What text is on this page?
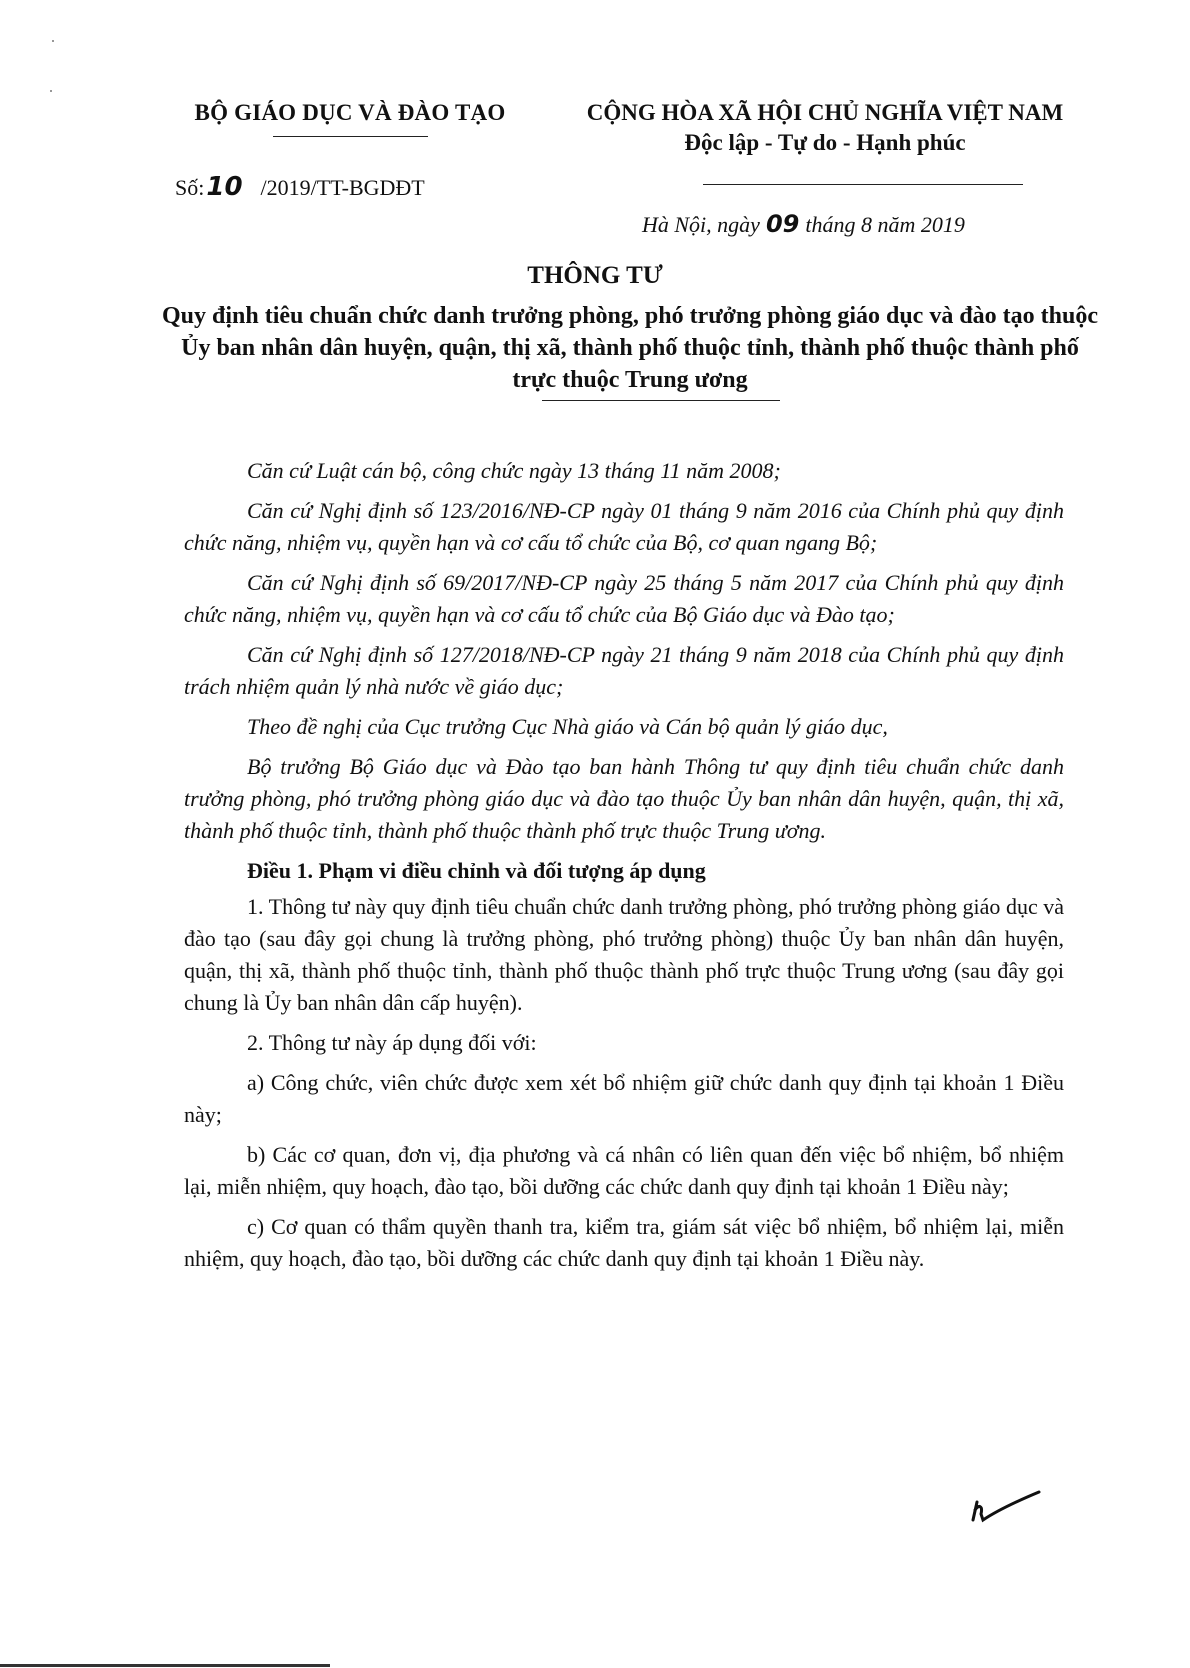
BỘ GIÁO DỤC VÀ ĐÀO TẠO
Số:10 /2019/TT-BGDĐT
CỘNG HÒA XÃ HỘI CHỦ NGHĨA VIỆT NAM
Độc lập - Tự do - Hạnh phúc
Hà Nội, ngày 09 tháng 8 năm 2019
THÔNG TƯ
Quy định tiêu chuẩn chức danh trưởng phòng, phó trưởng phòng giáo dục và đào tạo thuộc Ủy ban nhân dân huyện, quận, thị xã, thành phố thuộc tỉnh, thành phố thuộc thành phố trực thuộc Trung ương

Căn cứ Luật cán bộ, công chức ngày 13 tháng 11 năm 2008;

Căn cứ Nghị định số 123/2016/NĐ-CP ngày 01 tháng 9 năm 2016 của Chính phủ quy định chức năng, nhiệm vụ, quyền hạn và cơ cấu tổ chức của Bộ, cơ quan ngang Bộ;

Căn cứ Nghị định số 69/2017/NĐ-CP ngày 25 tháng 5 năm 2017 của Chính phủ quy định chức năng, nhiệm vụ, quyền hạn và cơ cấu tổ chức của Bộ Giáo dục và Đào tạo;

Căn cứ Nghị định số 127/2018/NĐ-CP ngày 21 tháng 9 năm 2018 của Chính phủ quy định trách nhiệm quản lý nhà nước về giáo dục;

Theo đề nghị của Cục trưởng Cục Nhà giáo và Cán bộ quản lý giáo dục,

Bộ trưởng Bộ Giáo dục và Đào tạo ban hành Thông tư quy định tiêu chuẩn chức danh trưởng phòng, phó trưởng phòng giáo dục và đào tạo thuộc Ủy ban nhân dân huyện, quận, thị xã, thành phố thuộc tỉnh, thành phố thuộc thành phố trực thuộc Trung ương.

Điều 1. Phạm vi điều chỉnh và đối tượng áp dụng

1. Thông tư này quy định tiêu chuẩn chức danh trưởng phòng, phó trưởng phòng giáo dục và đào tạo (sau đây gọi chung là trưởng phòng, phó trưởng phòng) thuộc Ủy ban nhân dân huyện, quận, thị xã, thành phố thuộc tỉnh, thành phố thuộc thành phố trực thuộc Trung ương (sau đây gọi chung là Ủy ban nhân dân cấp huyện).

2. Thông tư này áp dụng đối với:

a) Công chức, viên chức được xem xét bổ nhiệm giữ chức danh quy định tại khoản 1 Điều này;

b) Các cơ quan, đơn vị, địa phương và cá nhân có liên quan đến việc bổ nhiệm, bổ nhiệm lại, miễn nhiệm, quy hoạch, đào tạo, bồi dưỡng các chức danh quy định tại khoản 1 Điều này;

c) Cơ quan có thẩm quyền thanh tra, kiểm tra, giám sát việc bổ nhiệm, bổ nhiệm lại, miễn nhiệm, quy hoạch, đào tạo, bồi dưỡng các chức danh quy định tại khoản 1 Điều này.
